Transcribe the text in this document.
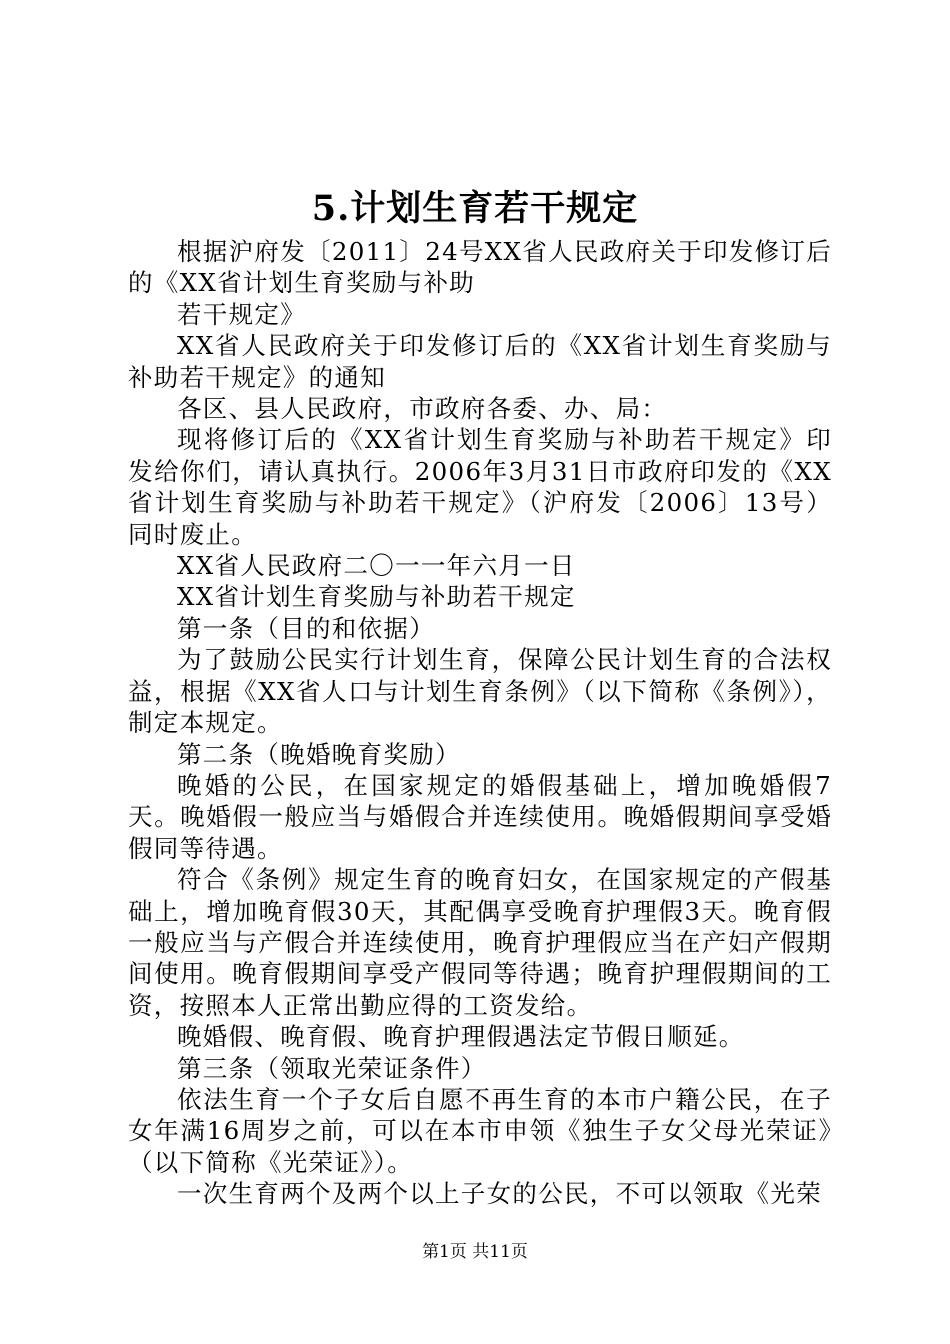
5.计划生育若干规定

根据沪府发〔2011〕24号XX省人民政府关于印发修订后的《XX省计划生育奖励与补助

若干规定》

XX省人民政府关于印发修订后的《XX省计划生育奖励与补助若干规定》的通知

各区、县人民政府，市政府各委、办、局：

现将修订后的《XX省计划生育奖励与补助若干规定》印发给你们，请认真执行。2006年3月31日市政府印发的《XX省计划生育奖励与补助若干规定》（沪府发〔2006〕13号）同时废止。

XX省人民政府二〇一一年六月一日

XX省计划生育奖励与补助若干规定

第一条（目的和依据）

为了鼓励公民实行计划生育，保障公民计划生育的合法权益，根据《XX省人口与计划生育条例》（以下简称《条例》），制定本规定。

第二条（晚婚晚育奖励）

晚婚的公民，在国家规定的婚假基础上，增加晚婚假7天。晚婚假一般应当与婚假合并连续使用。晚婚假期间享受婚假同等待遇。

符合《条例》规定生育的晚育妇女，在国家规定的产假基础上，增加晚育假30天，其配偶享受晚育护理假3天。晚育假一般应当与产假合并连续使用，晚育护理假应当在产妇产假期间使用。晚育假期间享受产假同等待遇；晚育护理假期间的工资，按照本人正常出勤应得的工资发给。

晚婚假、晚育假、晚育护理假遇法定节假日顺延。

第三条（领取光荣证条件）

依法生育一个子女后自愿不再生育的本市户籍公民，在子女年满16周岁之前，可以在本市申领《独生子女父母光荣证》（以下简称《光荣证》）。

一次生育两个及两个以上子女的公民，不可以领取《光荣

第1页 共11页
